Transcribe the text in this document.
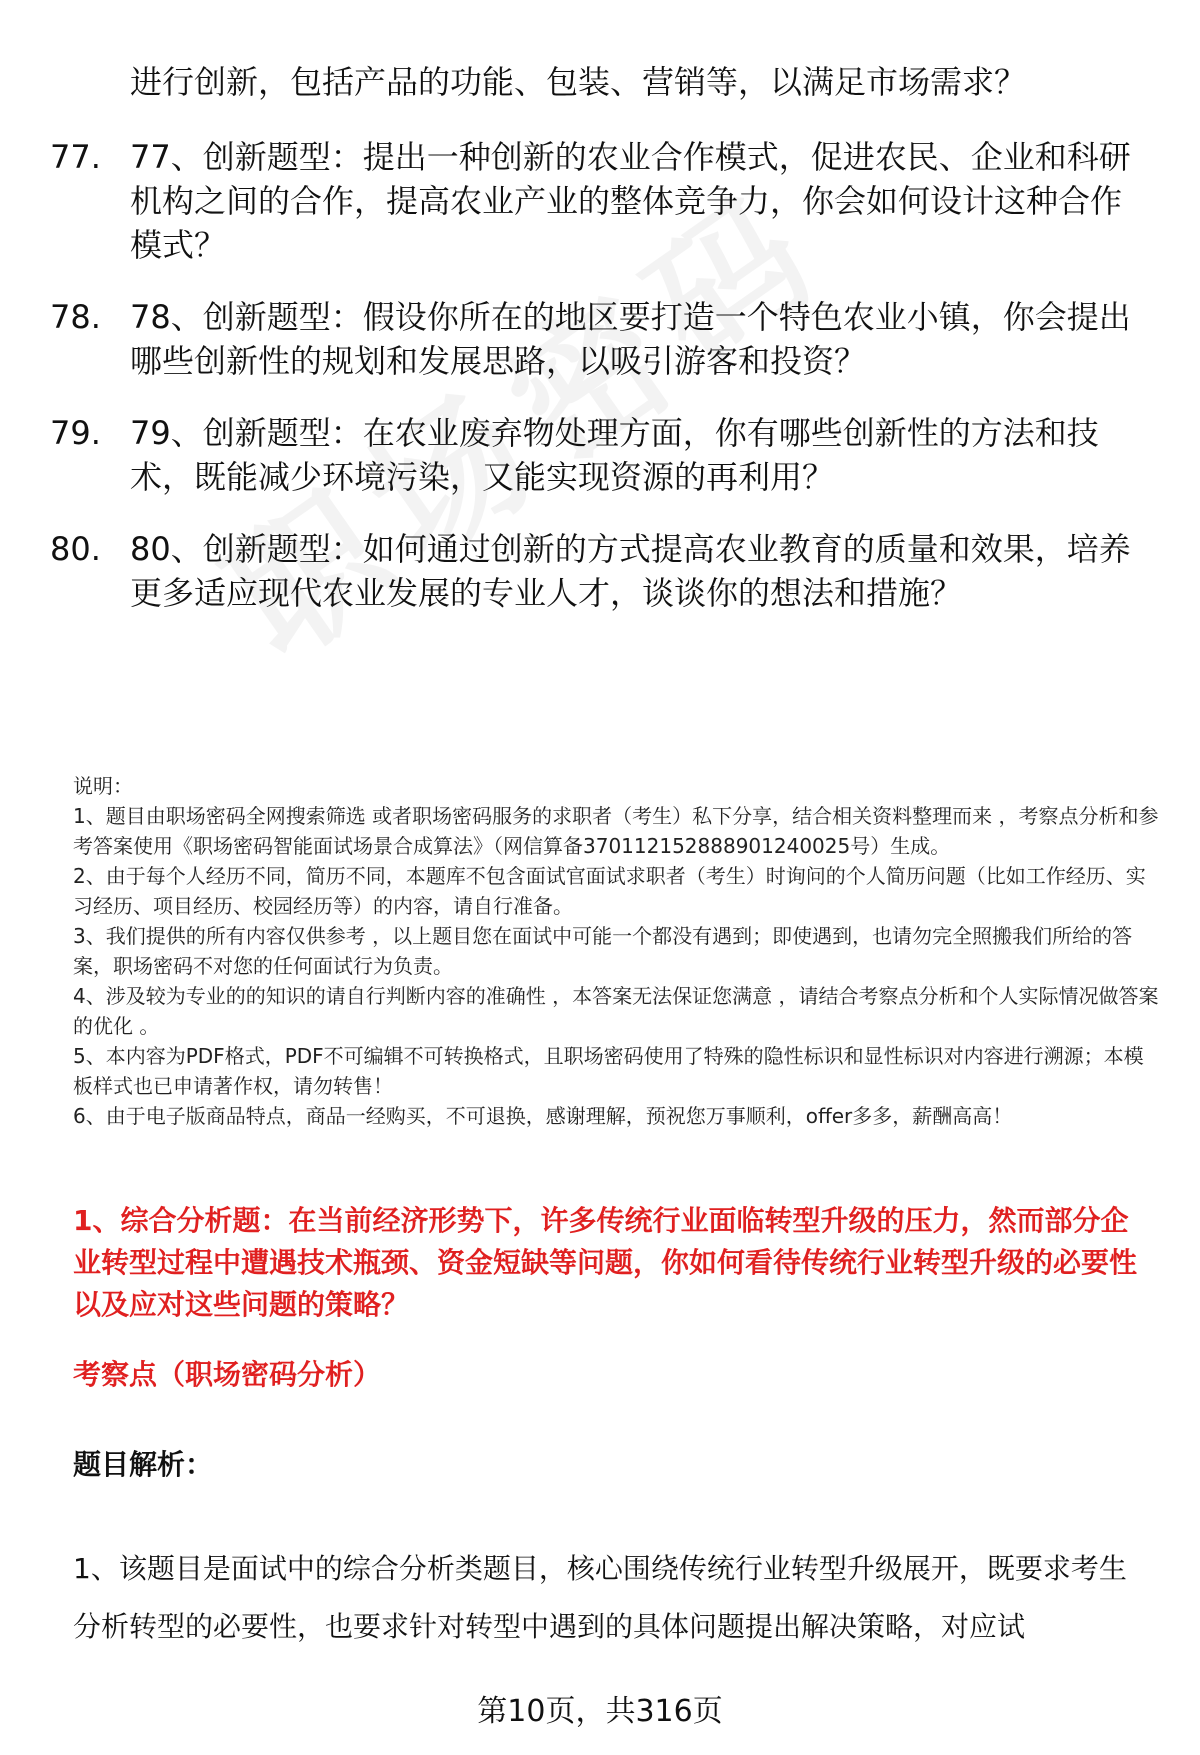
进行创新，包括产品的功能、包装、营销等，以满足市场需求？
77. 77、创新题型：提出一种创新的农业合作模式，促进农民、企业和科研机构之间的合作，提高农业产业的整体竞争力，你会如何设计这种合作模式？
78. 78、创新题型：假设你所在的地区要打造一个特色农业小镇，你会提出哪些创新性的规划和发展思路，以吸引游客和投资？
79. 79、创新题型：在农业废弃物处理方面，你有哪些创新性的方法和技术，既能减少环境污染，又能实现资源的再利用？
80. 80、创新题型：如何通过创新的方式提高农业教育的质量和效果，培养更多适应现代农业发展的专业人才，谈谈你的想法和措施？

说明：

1、题目由职场密码全网搜索筛选 或者职场密码服务的求职者（考生）私下分享，结合相关资料整理而来 ，考察点分析和参考答案使用《职场密码智能面试场景合成算法》（网信算备370112152888901240025号）生成。

2、由于每个人经历不同，简历不同，本题库不包含面试官面试求职者（考生）时询问的个人简历问题（比如工作经历、实习经历、项目经历、校园经历等）的内容，请自行准备。

3、我们提供的所有内容仅供参考 ，以上题目您在面试中可能一个都没有遇到；即使遇到，也请勿完全照搬我们所给的答案，职场密码不对您的任何面试行为负责。

4、涉及较为专业的的知识的请自行判断内容的准确性 ，本答案无法保证您满意 ，请结合考察点分析和个人实际情况做答案的优化 。

5、本内容为PDF格式，PDF不可编辑不可转换格式，且职场密码使用了特殊的隐性标识和显性标识对内容进行溯源；本模板样式也已申请著作权，请勿转售！

6、由于电子版商品特点，商品一经购买，不可退换，感谢理解，预祝您万事顺利，offer多多，薪酬高高！

1、综合分析题：在当前经济形势下，许多传统行业面临转型升级的压力，然而部分企业转型过程中遭遇技术瓶颈、资金短缺等问题，你如何看待传统行业转型升级的必要性以及应对这些问题的策略？
考察点（职场密码分析）
题目解析：
1、该题目是面试中的综合分析类题目，核心围绕传统行业转型升级展开，既要求考生分析转型的必要性，也要求针对转型中遇到的具体问题提出解决策略，对应试
第10页，共316页
